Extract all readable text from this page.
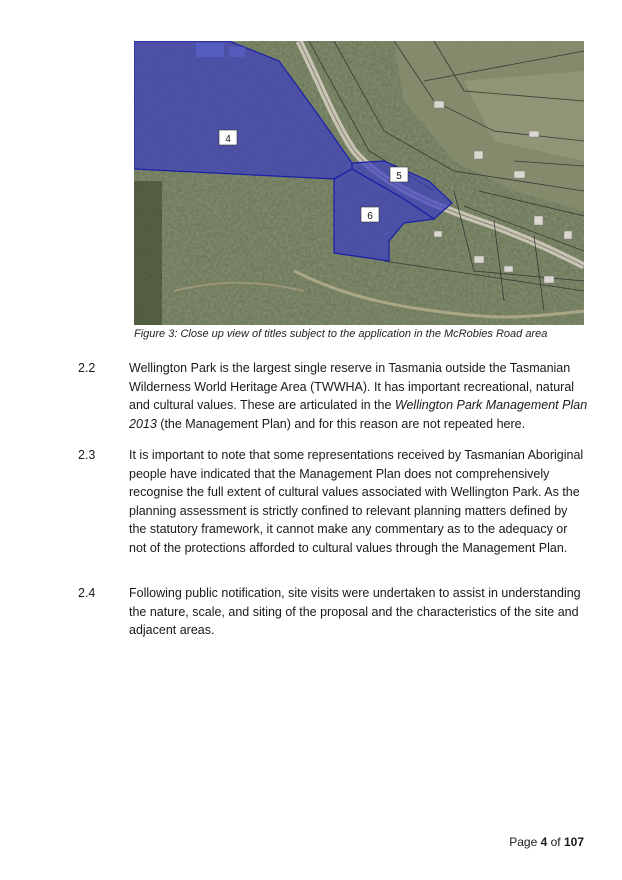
4
5
6
Figure 3: Close up view of titles subject to the application in the McRobies Road area
2.2	Wellington Park is the largest single reserve in Tasmania outside the Tasmanian Wilderness World Heritage Area (TWWHA). It has important recreational, natural and cultural values. These are articulated in the Wellington Park Management Plan 2013 (the Management Plan) and for this reason are not repeated here.
2.3	It is important to note that some representations received by Tasmanian Aboriginal people have indicated that the Management Plan does not comprehensively recognise the full extent of cultural values associated with Wellington Park. As the planning assessment is strictly confined to relevant planning matters defined by the statutory framework, it cannot make any commentary as to the adequacy or not of the protections afforded to cultural values through the Management Plan.
2.4	Following public notification, site visits were undertaken to assist in understanding the nature, scale, and siting of the proposal and the characteristics of the site and adjacent areas.
Page 4 of 107
